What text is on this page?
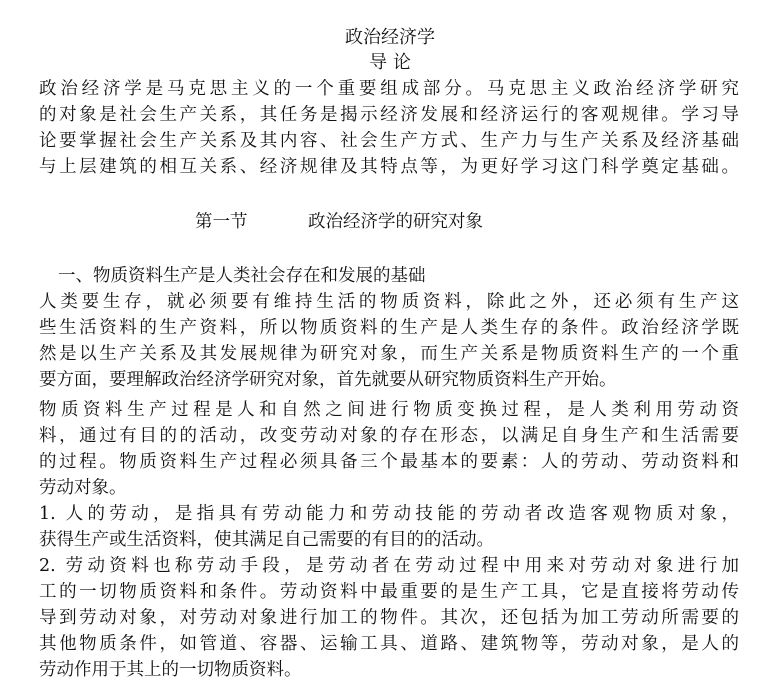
政治经济学
导 论
政治经济学是马克思主义的一个重要组成部分。马克思主义政治经济学研究
的对象是社会生产关系，其任务是揭示经济发展和经济运行的客观规律。学习导
论要掌握社会生产关系及其内容、社会生产方式、生产力与生产关系及经济基础
与上层建筑的相互关系、经济规律及其特点等，为更好学习这门科学奠定基础。
第一节	政治经济学的研究对象
一、物质资料生产是人类社会存在和发展的基础
人类要生存，就必须要有维持生活的物质资料，除此之外，还必须有生产这
些生活资料的生产资料，所以物质资料的生产是人类生存的条件。政治经济学既
然是以生产关系及其发展规律为研究对象，而生产关系是物质资料生产的一个重
要方面，要理解政治经济学研究对象，首先就要从研究物质资料生产开始。
物质资料生产过程是人和自然之间进行物质变换过程，是人类利用劳动资
料，通过有目的的活动，改变劳动对象的存在形态，以满足自身生产和生活需要
的过程。物质资料生产过程必须具备三个最基本的要素：人的劳动、劳动资料和
劳动对象。
1. 人的劳动，是指具有劳动能力和劳动技能的劳动者改造客观物质对象，
获得生产或生活资料，使其满足自己需要的有目的的活动。
2. 劳动资料也称劳动手段，是劳动者在劳动过程中用来对劳动对象进行加
工的一切物质资料和条件。劳动资料中最重要的是生产工具，它是直接将劳动传
导到劳动对象，对劳动对象进行加工的物件。其次，还包括为加工劳动所需要的
其他物质条件，如管道、容器、运输工具、道路、建筑物等，劳动对象，是人的
劳动作用于其上的一切物质资料。
